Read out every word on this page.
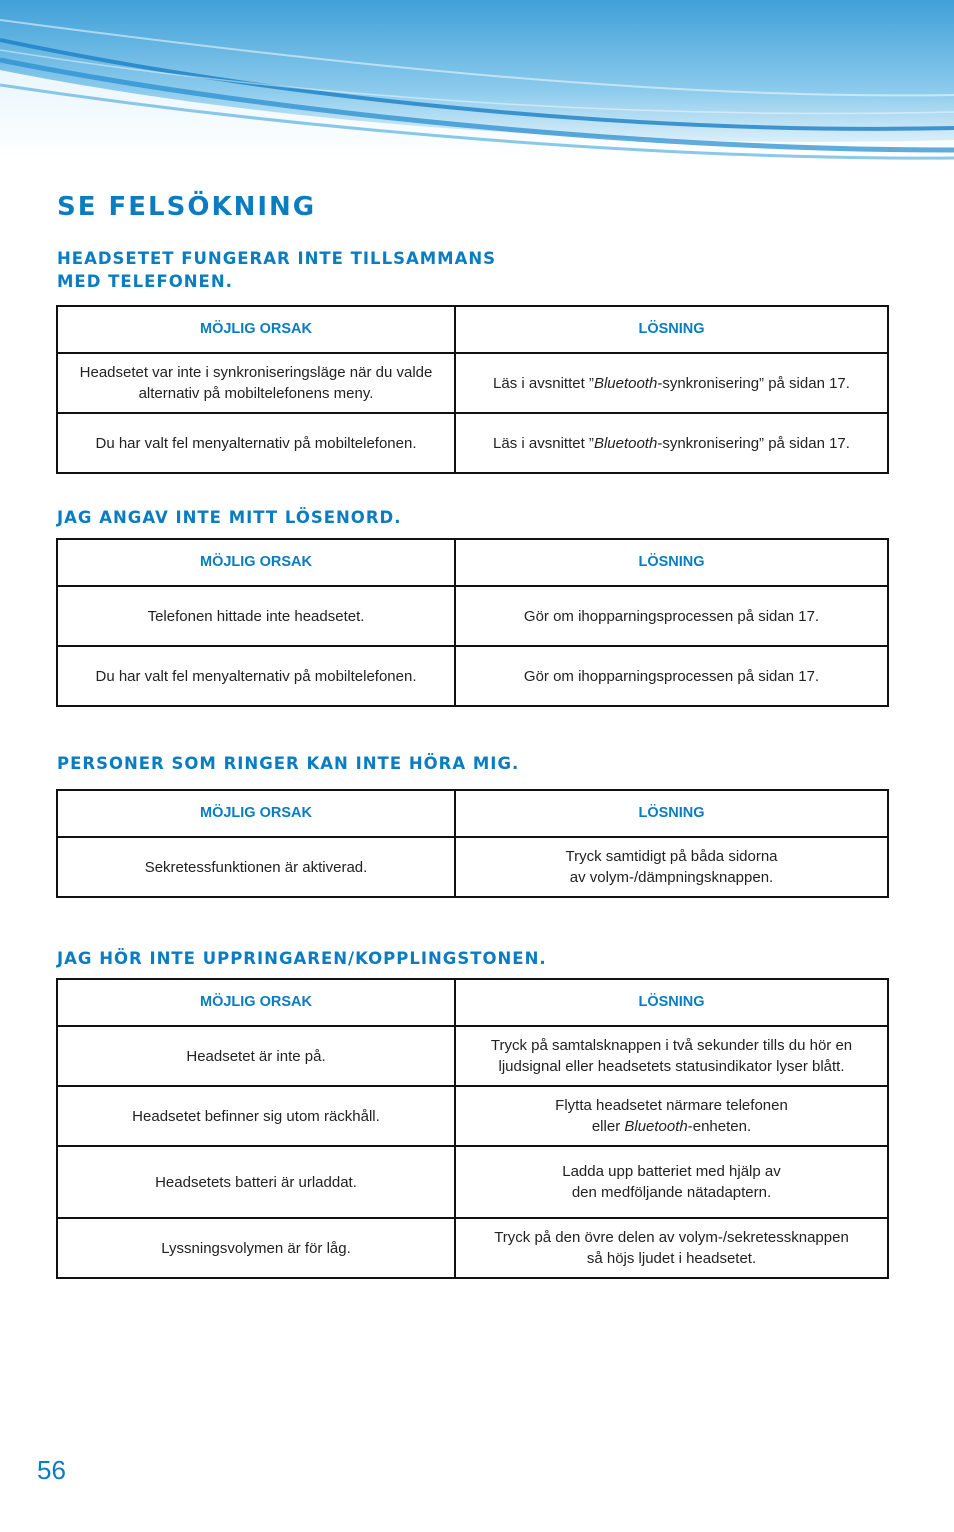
SE FELSÖKNING
HEADSETET FUNGERAR INTE TILLSAMMANS
MED TELEFONEN.
MÖJLIG ORSAK	LÖSNING
Headsetet var inte i synkroniseringsläge när du valde alternativ på mobiltelefonens meny.	Läs i avsnittet ”Bluetooth-synkronisering” på sidan 17.
Du har valt fel menyalternativ på mobiltelefonen.	Läs i avsnittet ”Bluetooth-synkronisering” på sidan 17.
JAG ANGAV INTE MITT LÖSENORD.
MÖJLIG ORSAK	LÖSNING
Telefonen hittade inte headsetet.	Gör om ihopparningsprocessen på sidan 17.
Du har valt fel menyalternativ på mobiltelefonen.	Gör om ihopparningsprocessen på sidan 17.
PERSONER SOM RINGER KAN INTE HÖRA MIG.
MÖJLIG ORSAK	LÖSNING
Sekretessfunktionen är aktiverad.	Tryck samtidigt på båda sidorna
av volym-/dämpningsknappen.
JAG HÖR INTE UPPRINGAREN/KOPPLINGSTONEN.
MÖJLIG ORSAK	LÖSNING
Headsetet är inte på.	Tryck på samtalsknappen i två sekunder tills du hör en
ljudsignal eller headsetets statusindikator lyser blått.
Headsetet befinner sig utom räckhåll.	Flytta headsetet närmare telefonen
eller Bluetooth-enheten.
Headsetets batteri är urladdat.	Ladda upp batteriet med hjälp av
den medföljande nätadaptern.
Lyssningsvolymen är för låg.	Tryck på den övre delen av volym-/sekretessknappen
så höjs ljudet i headsetet.
56
